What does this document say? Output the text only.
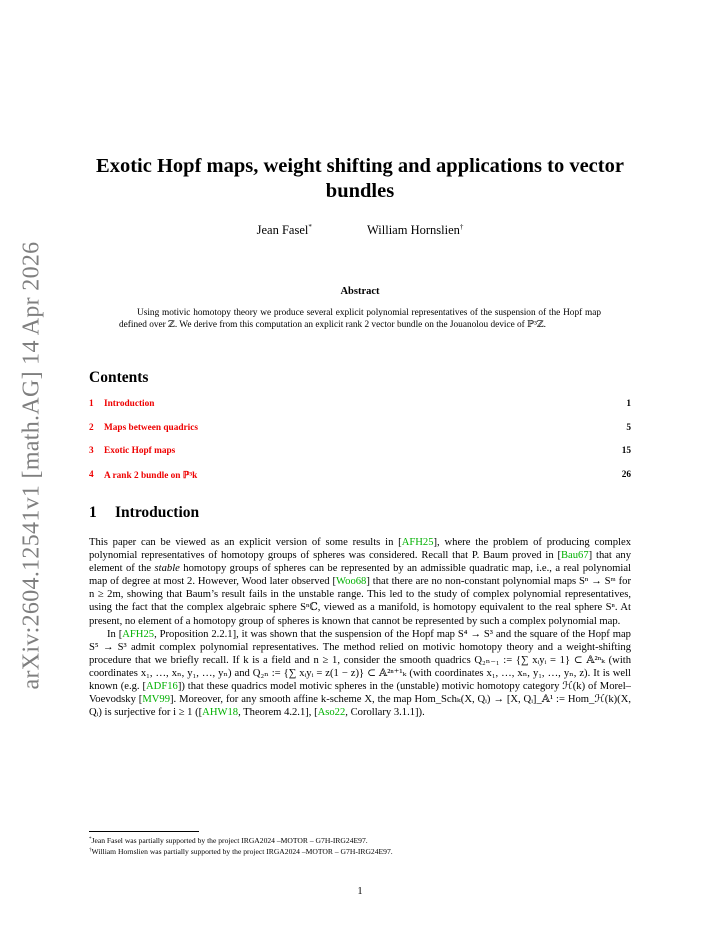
arXiv:2604.12541v1 [math.AG] 14 Apr 2026
Exotic Hopf maps, weight shifting and applications to vector bundles
Jean Fasel*	William Hornslien†
Abstract
Using motivic homotopy theory we produce several explicit polynomial representatives of the suspension of the Hopf map defined over ℤ. We derive from this computation an explicit rank 2 vector bundle on the Jouanolou device of ℙ³ℤ.
Contents
1 Introduction	1
2 Maps between quadrics	5
3 Exotic Hopf maps	15
4 A rank 2 bundle on ℙ³k	26
1 Introduction

This paper can be viewed as an explicit version of some results in [AFH25], where the problem of producing complex polynomial representatives of homotopy groups of spheres was considered. Recall that P. Baum proved in [Bau67] that any element of the stable homotopy groups of spheres can be represented by an admissible quadratic map, i.e., a real polynomial map of degree at most 2. However, Wood later observed [Woo68] that there are no non-constant polynomial maps Sⁿ → Sᵐ for n ≥ 2m, showing that Baum’s result fails in the unstable range. This led to the study of complex polynomial representatives, using the fact that the complex algebraic sphere Sⁿℂ, viewed as a manifold, is homotopy equivalent to the real sphere Sⁿ. At present, no element of a homotopy group of spheres is known that cannot be represented by such a complex polynomial map.

In [AFH25, Proposition 2.2.1], it was shown that the suspension of the Hopf map S⁴ → S³ and the square of the Hopf map S⁵ → S³ admit complex polynomial representatives. The method relied on motivic homotopy theory and a weight-shifting procedure that we briefly recall. If k is a field and n ≥ 1, consider the smooth quadrics Q₂ₙ₋₁ := {∑ xᵢyᵢ = 1} ⊂ 𝔸²ⁿₖ (with coordinates x₁, …, xₙ, y₁, …, yₙ) and Q₂ₙ := {∑ xᵢyᵢ = z(1 − z)} ⊂ 𝔸²ⁿ⁺¹ₖ (with coordinates x₁, …, xₙ, y₁, …, yₙ, z). It is well known (e.g. [ADF16]) that these quadrics model motivic spheres in the (unstable) motivic homotopy category ℋ(k) of Morel–Voevodsky [MV99]. Moreover, for any smooth affine k-scheme X, the map Hom_Schₖ(X, Qᵢ) → [X, Qᵢ]_𝔸¹ := Hom_ℋ(k)(X, Qᵢ) is surjective for i ≥ 1 ([AHW18, Theorem 4.2.1], [Aso22, Corollary 3.1.1]).

*Jean Fasel was partially supported by the project IRGA2024 –MOTOR – G7H-IRG24E97.
†William Hornslien was partially supported by the project IRGA2024 –MOTOR – G7H-IRG24E97.
1
